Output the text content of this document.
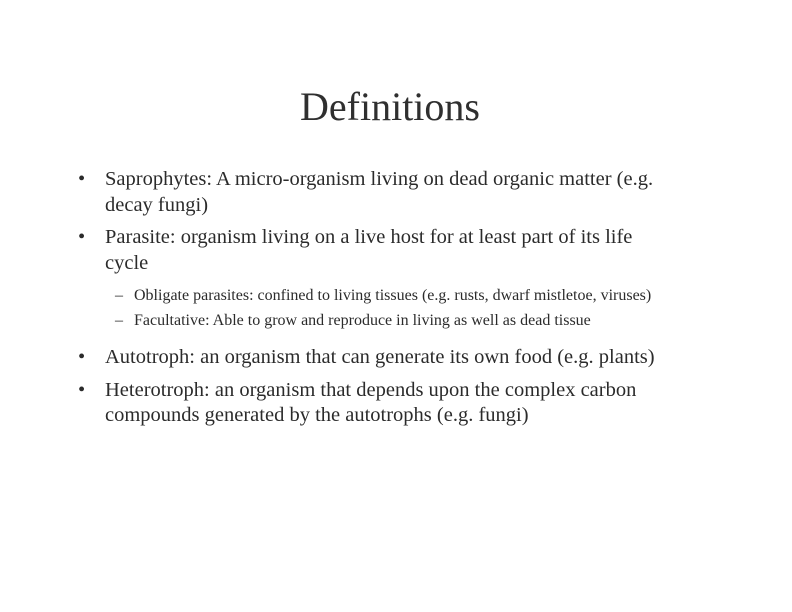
Definitions
• Saprophytes: A micro-organism living on dead organic matter (e.g. decay fungi)
• Parasite: organism living on a live host for at least part of its life cycle
– Obligate parasites: confined to living tissues (e.g. rusts, dwarf mistletoe, viruses)
– Facultative: Able to grow and reproduce in living as well as dead tissue
• Autotroph: an organism that can generate its own food (e.g. plants)
• Heterotroph: an organism that depends upon the complex carbon compounds generated by the autotrophs (e.g. fungi)
